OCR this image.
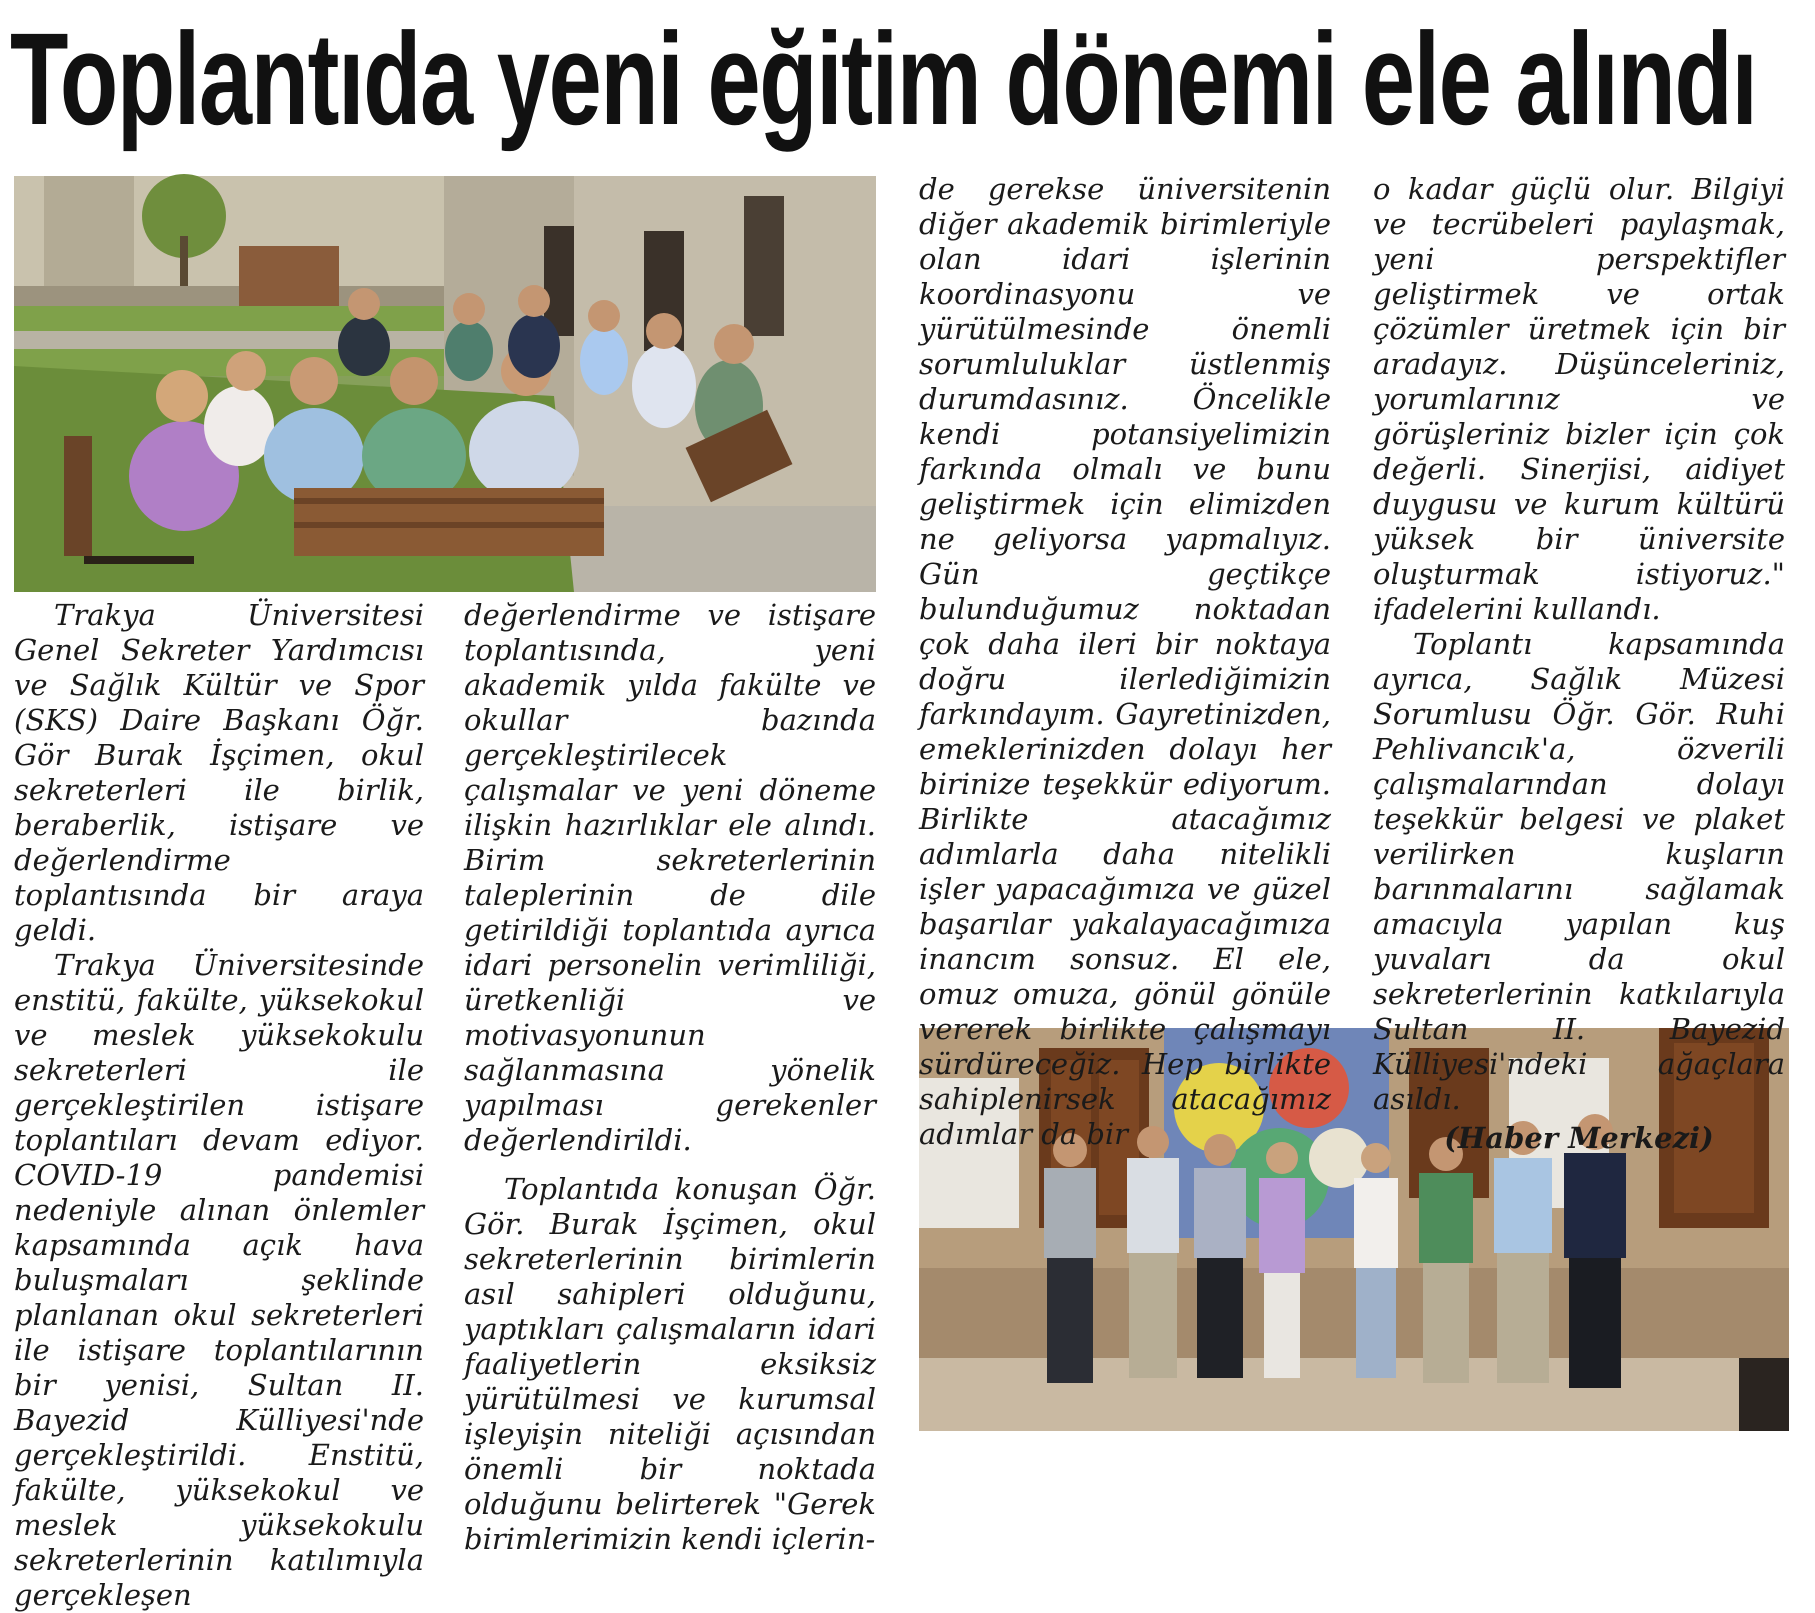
Toplantıda yeni eğitim dönemi ele alındı

Trakya Üniversitesi Genel Sekreter Yardımcısı ve Sağlık Kültür ve Spor (SKS) Daire Başkanı Öğr. Gör Burak İşçimen, okul sekreterleri ile birlik, beraberlik, istişare ve değerlendirme toplantısında bir araya geldi.

Trakya Üniversitesinde enstitü, fakülte, yüksekokul ve meslek yüksekokulu sekreterleri ile gerçekleştirilen istişare toplantıları devam ediyor. COVID-19 pandemisi nedeniyle alınan önlemler kapsamında açık hava buluşmaları şeklinde planlanan okul sekreterleri ile istişare toplantılarının bir yenisi, Sultan II. Bayezid Külliyesi'nde gerçekleştirildi. Enstitü, fakülte, yüksekokul ve meslek yüksekokulu sekreterlerinin katılımıyla gerçekleşen

değerlendirme ve istişare toplantısında, yeni akademik yılda fakülte ve okullar bazında gerçekleştirilecek çalışmalar ve yeni döneme ilişkin hazırlıklar ele alındı. Birim sekreterlerinin taleplerinin de dile getirildiği toplantıda ayrıca idari personelin verimliliği, üretkenliği ve motivasyonunun sağlanmasına yönelik yapılması gerekenler değerlendirildi.

Toplantıda konuşan Öğr. Gör. Burak İşçimen, okul sekreterlerinin birimlerin asıl sahipleri olduğunu, yaptıkları çalışmaların idari faaliyetlerin eksiksiz yürütülmesi ve kurumsal işleyişin niteliği açısından önemli bir noktada olduğunu belirterek "Gerek birimlerimizin kendi içlerin-

de gerekse üniversitenin diğer akademik birimleriyle olan idari işlerinin koordinasyonu ve yürütülmesinde önemli sorumluluklar üstlenmiş durumdasınız. Öncelikle kendi potansiyelimizin farkında olmalı ve bunu geliştirmek için elimizden ne geliyorsa yapmalıyız. Gün geçtikçe bulunduğumuz noktadan çok daha ileri bir noktaya doğru ilerlediğimizin farkındayım. Gayretinizden, emeklerinizden dolayı her birinize teşekkür ediyorum. Birlikte atacağımız adımlarla daha nitelikli işler yapacağımıza ve güzel başarılar yakalayacağımıza inancım sonsuz. El ele, omuz omuza, gönül gönüle vererek birlikte çalışmayı sürdüreceğiz. Hep birlikte sahiplenirsek atacağımız adımlar da bir

o kadar güçlü olur. Bilgiyi ve tecrübeleri paylaşmak, yeni perspektifler geliştirmek ve ortak çözümler üretmek için bir aradayız. Düşünceleriniz, yorumlarınız ve görüşleriniz bizler için çok değerli. Sinerjisi, aidiyet duygusu ve kurum kültürü yüksek bir üniversite oluşturmak istiyoruz." ifadelerini kullandı.

Toplantı kapsamında ayrıca, Sağlık Müzesi Sorumlusu Öğr. Gör. Ruhi Pehlivancık'a, özverili çalışmalarından dolayı teşekkür belgesi ve plaket verilirken kuşların barınmalarını sağlamak amacıyla yapılan kuş yuvaları da okul sekreterlerinin katkılarıyla Sultan II. Bayezid Külliyesi'ndeki ağaçlara asıldı.

(Haber Merkezi)
